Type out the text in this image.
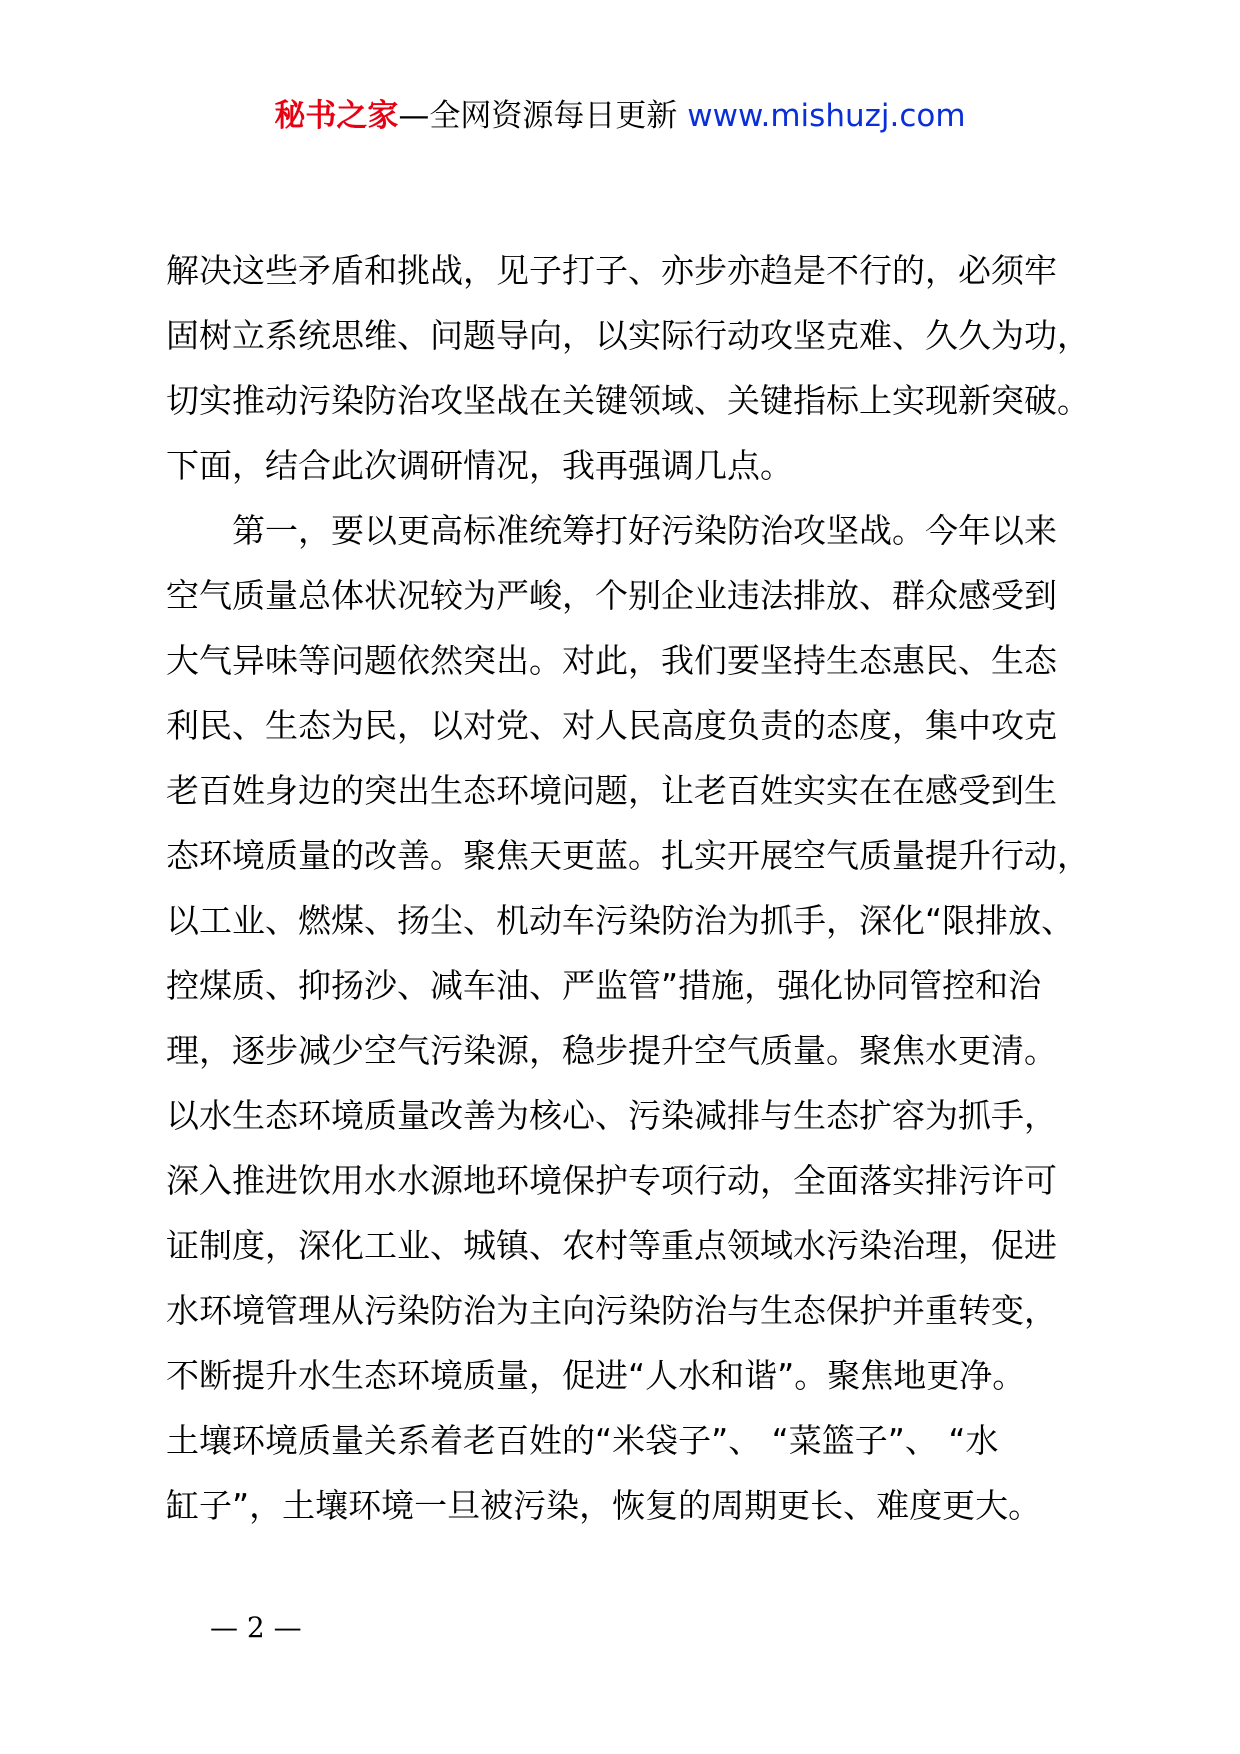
秘书之家—全网资源每日更新 www.mishuzj.com

解决这些矛盾和挑战，见子打子、亦步亦趋是不行的，必须牢
固树立系统思维、问题导向，以实际行动攻坚克难、久久为功，
切实推动污染防治攻坚战在关键领域、关键指标上实现新突破。
下面，结合此次调研情况，我再强调几点。

第一，要以更高标准统筹打好污染防治攻坚战。今年以来
空气质量总体状况较为严峻，个别企业违法排放、群众感受到
大气异味等问题依然突出。对此，我们要坚持生态惠民、生态
利民、生态为民，以对党、对人民高度负责的态度，集中攻克
老百姓身边的突出生态环境问题，让老百姓实实在在感受到生
态环境质量的改善。聚焦天更蓝。扎实开展空气质量提升行动，
以工业、燃煤、扬尘、机动车污染防治为抓手，深化“限排放、
控煤质、抑扬沙、减车油、严监管”措施，强化协同管控和治
理，逐步减少空气污染源，稳步提升空气质量。聚焦水更清。
以水生态环境质量改善为核心、污染减排与生态扩容为抓手，
深入推进饮用水水源地环境保护专项行动，全面落实排污许可
证制度，深化工业、城镇、农村等重点领域水污染治理，促进
水环境管理从污染防治为主向污染防治与生态保护并重转变，
不断提升水生态环境质量，促进“人水和谐”。聚焦地更净。
土壤环境质量关系着老百姓的“米袋子”、 “菜篮子”、 “水
缸子”，土壤环境一旦被污染，恢复的周期更长、难度更大。

— 2 —
